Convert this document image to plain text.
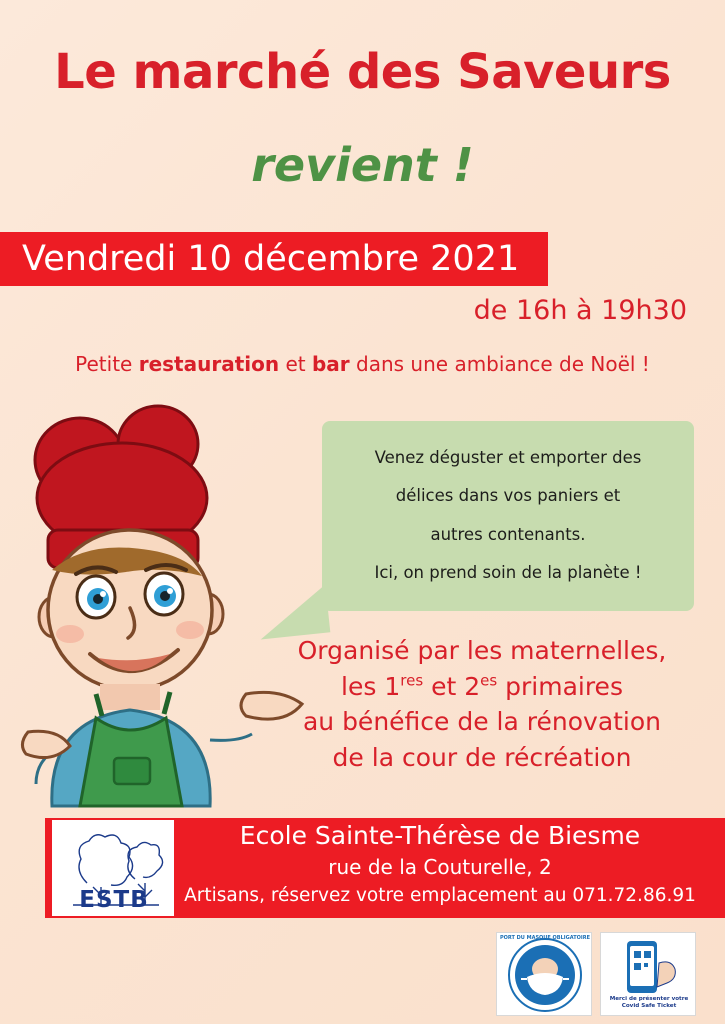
Le marché des Saveurs
revient !
Vendredi 10 décembre 2021
de 16h à 19h30
Petite restauration et bar dans une ambiance de Noël !

Venez déguster et emporter des

délices dans vos paniers et

autres contenants.

Ici, on prend soin de la planète !

Organisé par les maternelles,
les 1res et $2^{es}$ primaires
au bénéfice de la rénovation
de la cour de récréation
ESTB
Ecole Sainte-Thérèse de Biesme
rue de la Couturelle, 2
Artisans, réservez votre emplacement au 071.72.86.91
PORT DU MASQUE OBLIGATOIRE
Merci de présenter votre Covid Safe Ticket
